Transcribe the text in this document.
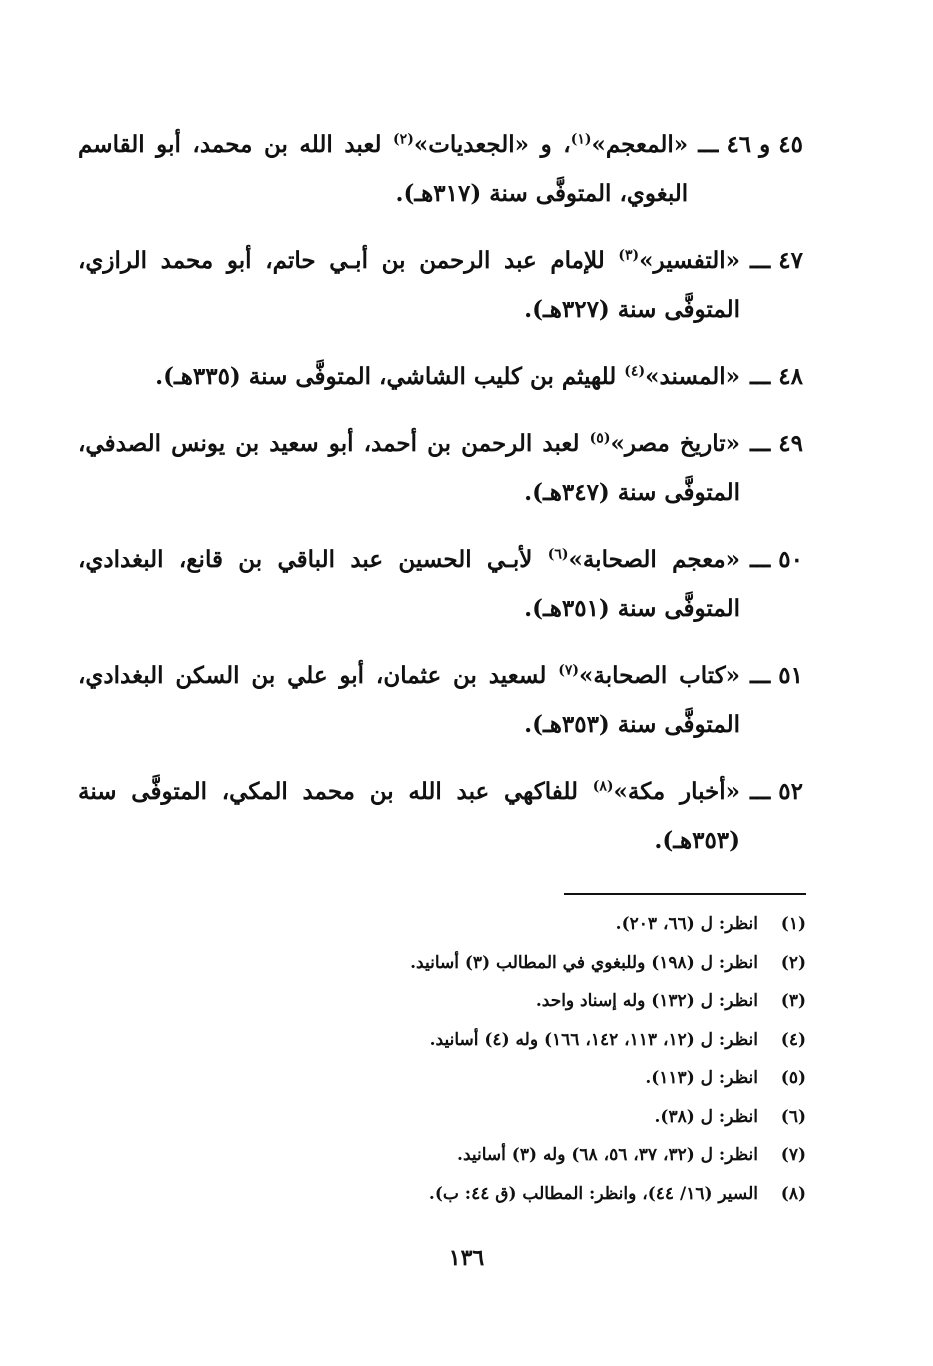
٤٥ و ٤٦ ـــ
«المعجم»$^{(١)}$، و «الجعديات»$^{(٢)}$ لعبد الله بن محمد، أبو القاسم البغوي، المتوفَّى سنة (٣١٧هـ).
٤٧ ـــ
«التفسير»$^{(٣)}$ للإمام عبد الرحمن بن أبـي حاتم، أبو محمد الرازي، المتوفَّى سنة (٣٢٧هـ).
٤٨ ـــ
«المسند»$^{(٤)}$ للهيثم بن كليب الشاشي، المتوفَّى سنة (٣٣٥هـ).
٤٩ ـــ
«تاريخ مصر»$^{(٥)}$ لعبد الرحمن بن أحمد، أبو سعيد بن يونس الصدفي، المتوفَّى سنة (٣٤٧هـ).
٥٠ ـــ
«معجم الصحابة»$^{(٦)}$ لأبـي الحسين عبد الباقي بن قانع، البغدادي، المتوفَّى سنة (٣٥١هـ).
٥١ ـــ
«كتاب الصحابة»$^{(٧)}$ لسعيد بن عثمان، أبو علي بن السكن البغدادي، المتوفَّى سنة (٣٥٣هـ).
٥٢ ـــ
«أخبار مكة»$^{(٨)}$ للفاكهي عبد الله بن محمد المكي، المتوفَّى سنة (٣٥٣هـ).
(١)
انظر: ل (٦٦، ٢٠٣).
(٢)
انظر: ل (١٩٨) وللبغوي في المطالب (٣) أسانيد.
(٣)
انظر: ل (١٣٢) وله إسناد واحد.
(٤)
انظر: ل (١٢، ١١٣، ١٤٢، ١٦٦) وله (٤) أسانيد.
(٥)
انظر: ل (١١٣).
(٦)
انظر: ل (٣٨).
(٧)
انظر: ل (٣٢، ٣٧، ٥٦، ٦٨) وله (٣) أسانيد.
(٨)
السير (١٦/ ٤٤)، وانظر: المطالب (ق ٤٤: ب).
١٣٦
